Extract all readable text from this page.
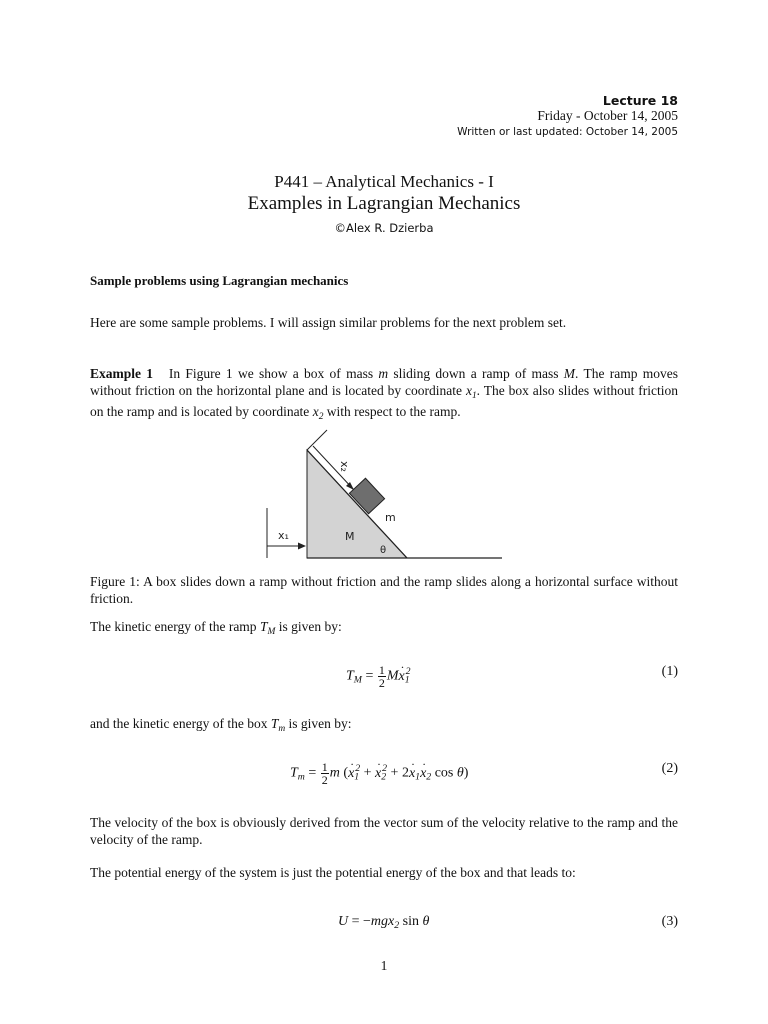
Lecture 18
Friday - October 14, 2005
Written or last updated: October 14, 2005
P441 – Analytical Mechanics - I
Examples in Lagrangian Mechanics
©Alex R. Dzierba
Sample problems using Lagrangian mechanics
Here are some sample problems. I will assign similar problems for the next problem set.
Example 1 In Figure 1 we show a box of mass m sliding down a ramp of mass M. The ramp moves without friction on the horizontal plane and is located by coordinate $x_1$. The box also slides without friction on the ramp and is located by coordinate $x_2$ with respect to the ramp.
x₂
m
M
θ
x₁
Figure 1: A box slides down a ramp without friction and the ramp slides along a horizontal surface without friction.
The kinetic energy of the ramp $T_M$ is given by:
$T_M = \frac{1}{2} M\cdot x_1^2$	(1)
and the kinetic energy of the box $T_m$ is given by:
$T_m = \frac{1}{2}$ m (· $x_1^2$ + · $x_2^2 + 2\cdot x_1\cdot x_2$ cos θ)	(2)
The velocity of the box is obviously derived from the vector sum of the velocity relative to the ramp and the velocity of the ramp.
The potential energy of the system is just the potential energy of the box and that leads to:
U = −mgx$_2$ sin θ	(3)
1
